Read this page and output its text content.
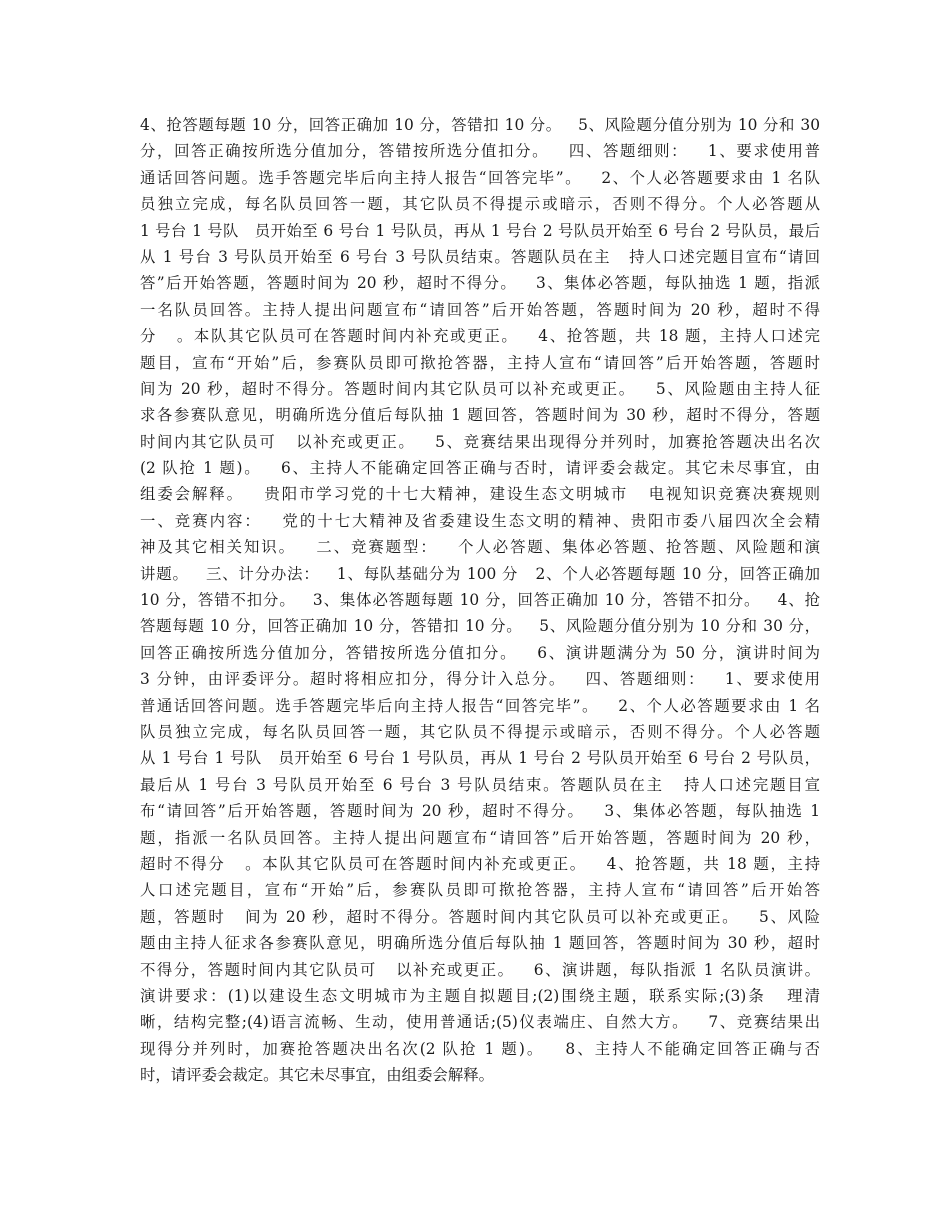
4、抢答题每题 10 分，回答正确加 10 分，答错扣 10 分。   5、风险题分值分别为 10 分和 30
分，回答正确按所选分值加分，答错按所选分值扣分。   四、答题细则：   1、要求使用普
通话回答问题。选手答题完毕后向主持人报告“回答完毕”。   2、个人必答题要求由 1 名队
员独立完成，每名队员回答一题，其它队员不得提示或暗示，否则不得分。个人必答题从
1 号台 1 号队   员开始至 6 号台 1 号队员，再从 1 号台 2 号队员开始至 6 号台 2 号队员，最后
从 1 号台 3 号队员开始至 6 号台 3 号队员结束。答题队员在主   持人口述完题目宣布“请回
答”后开始答题，答题时间为 20 秒，超时不得分。   3、集体必答题，每队抽选 1 题，指派
一名队员回答。主持人提出问题宣布“请回答”后开始答题，答题时间为 20 秒，超时不得
分   。本队其它队员可在答题时间内补充或更正。   4、抢答题，共 18 题，主持人口述完
题目，宣布“开始”后，参赛队员即可揿抢答器，主持人宣布“请回答”后开始答题，答题时
间为 20 秒，超时不得分。答题时间内其它队员可以补充或更正。   5、风险题由主持人征
求各参赛队意见，明确所选分值后每队抽 1 题回答，答题时间为 30 秒，超时不得分，答题
时间内其它队员可   以补充或更正。   5、竞赛结果出现得分并列时，加赛抢答题决出名次
(2 队抢 1 题)。   6、主持人不能确定回答正确与否时，请评委会裁定。其它未尽事宜，由
组委会解释。   贵阳市学习党的十七大精神，建设生态文明城市   电视知识竞赛决赛规则
一、竞赛内容：   党的十七大精神及省委建设生态文明的精神、贵阳市委八届四次全会精
神及其它相关知识。   二、竞赛题型：   个人必答题、集体必答题、抢答题、风险题和演
讲题。   三、计分办法：   1、每队基础分为 100 分   2、个人必答题每题 10 分，回答正确加
10 分，答错不扣分。   3、集体必答题每题 10 分，回答正确加 10 分，答错不扣分。   4、抢
答题每题 10 分，回答正确加 10 分，答错扣 10 分。   5、风险题分值分别为 10 分和 30 分，
回答正确按所选分值加分，答错按所选分值扣分。   6、演讲题满分为 50 分，演讲时间为
3 分钟，由评委评分。超时将相应扣分，得分计入总分。   四、答题细则：   1、要求使用
普通话回答问题。选手答题完毕后向主持人报告“回答完毕”。   2、个人必答题要求由 1 名
队员独立完成，每名队员回答一题，其它队员不得提示或暗示，否则不得分。个人必答题
从 1 号台 1 号队   员开始至 6 号台 1 号队员，再从 1 号台 2 号队员开始至 6 号台 2 号队员，
最后从 1 号台 3 号队员开始至 6 号台 3 号队员结束。答题队员在主   持人口述完题目宣
布“请回答”后开始答题，答题时间为 20 秒，超时不得分。   3、集体必答题，每队抽选 1
题，指派一名队员回答。主持人提出问题宣布“请回答”后开始答题，答题时间为 20 秒，
超时不得分   。本队其它队员可在答题时间内补充或更正。   4、抢答题，共 18 题，主持
人口述完题目，宣布“开始”后，参赛队员即可揿抢答器，主持人宣布“请回答”后开始答
题，答题时   间为 20 秒，超时不得分。答题时间内其它队员可以补充或更正。   5、风险
题由主持人征求各参赛队意见，明确所选分值后每队抽 1 题回答，答题时间为 30 秒，超时
不得分，答题时间内其它队员可   以补充或更正。   6、演讲题，每队指派 1 名队员演讲。
演讲要求：(1)以建设生态文明城市为主题自拟题目;(2)围绕主题，联系实际;(3)条   理清
晰，结构完整;(4)语言流畅、生动，使用普通话;(5)仪表端庄、自然大方。   7、竞赛结果出
现得分并列时，加赛抢答题决出名次(2 队抢 1 题)。   8、主持人不能确定回答正确与否
时，请评委会裁定。其它未尽事宜，由组委会解释。
